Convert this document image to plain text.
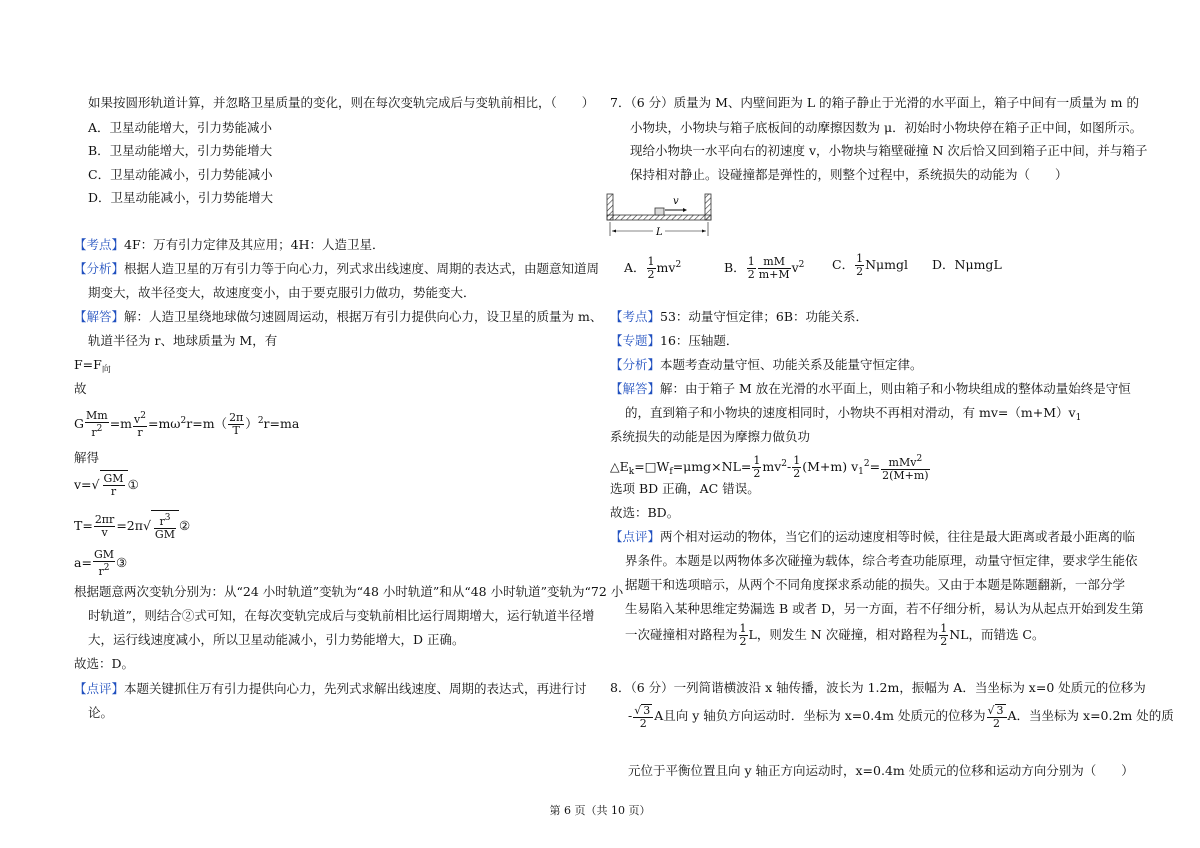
如果按圆形轨道计算，并忽略卫星质量的变化，则在每次变轨完成后与变轨前相比，（　　）
A．卫星动能增大，引力势能减小
B．卫星动能增大，引力势能增大
C．卫星动能减小，引力势能减小
D．卫星动能减小，引力势能增大
【考点】4F：万有引力定律及其应用；4H：人造卫星．
【分析】根据人造卫星的万有引力等于向心力，列式求出线速度、周期的表达式，由题意知道周
期变大，故半径变大，故速度变小，由于要克服引力做功，势能变大．
【解答】解：人造卫星绕地球做匀速圆周运动，根据万有引力提供向心力，设卫星的质量为 m、
轨道半径为 r、地球质量为 M，有
$F=F_向$
故
G $\frac{Mm}{r^2} =m \frac{v^2}{r} =m\omega^2r=m( \frac{2\pi}{T} )^2r=ma$
解得
$v=√ \frac{GM}{r}$ ①
$T= \frac{2\pi r}{v} =2\pi√ \frac{r^3}{GM}$ ②
$a= \frac{GM}{r^2}$ ③
根据题意两次变轨分别为：从“24 小时轨道”变轨为“48 小时轨道”和从“48 小时轨道”变轨为“72 小
时轨道”，则结合②式可知，在每次变轨完成后与变轨前相比运行周期增大，运行轨道半径增
大，运行线速度减小，所以卫星动能减小，引力势能增大，D 正确。
故选：D。
【点评】本题关键抓住万有引力提供向心力，先列式求解出线速度、周期的表达式，再进行讨
论。
7．（6 分）质量为 M、内壁间距为 L 的箱子静止于光滑的水平面上，箱子中间有一质量为 m 的
小物块，小物块与箱子底板间的动摩擦因数为 μ．初始时小物块停在箱子正中间，如图所示。
现给小物块一水平向右的初速度 v，小物块与箱壁碰撞 N 次后恰又回到箱子正中间，并与箱子
保持相对静止。设碰撞都是弹性的，则整个过程中，系统损失的动能为（　　）
v
L
A． $\frac{1}{2} mv^2$	B． $\frac{1}{2} \frac{mM}{m+M} v^2$ C． $\frac{1}{2}$ Nμmgl D．NμmgL
【考点】53：动量守恒定律；6B：功能关系．
【专题】16：压轴题．
【分析】本题考查动量守恒、功能关系及能量守恒定律。
【解答】解：由于箱子 M 放在光滑的水平面上，则由箱子和小物块组成的整体动量始终是守恒
的，直到箱子和小物块的速度相同时，小物块不再相对滑动，有 $mv=(m+M)v_1$
系统损失的动能是因为摩擦力做负功
$\triangle E_k=□W_f=\mu mg\times NL= \frac{1}{2} mv^2- \frac{1}{2} (M+m)$ $v_1^2= \frac{mMv^2}{2(M+m)}$
选项 BD 正确，AC 错误。
故选：BD。
【点评】两个相对运动的物体，当它们的运动速度相等时候，往往是最大距离或者最小距离的临
界条件。本题是以两物体多次碰撞为载体，综合考查功能原理，动量守恒定律，要求学生能依
据题干和选项暗示，从两个不同角度探求系动能的损失。又由于本题是陈题翻新，一部分学
生易陷入某种思维定势漏选 B 或者 D，另一方面，若不仔细分析，易认为从起点开始到发生第
一次碰撞相对路程为 $\frac{1}{2}$ L，则发生 N 次碰撞，相对路程为 $\frac{1}{2}$ NL，而错选 C。
8．（6 分）一列简谐横波沿 x 轴传播，波长为 1.2m，振幅为 A．当坐标为 x=0 处质元的位移为
- $\frac{√ 3}{2}$ A且向 y 轴负方向运动时．坐标为 x=0.4m 处质元的位移为 $\frac{√ 3}{2}$ A．当坐标为 x=0.2m 处的质
元位于平衡位置且向 y 轴正方向运动时，x=0.4m 处质元的位移和运动方向分别为（　　）
第 6 页（共 10 页）
